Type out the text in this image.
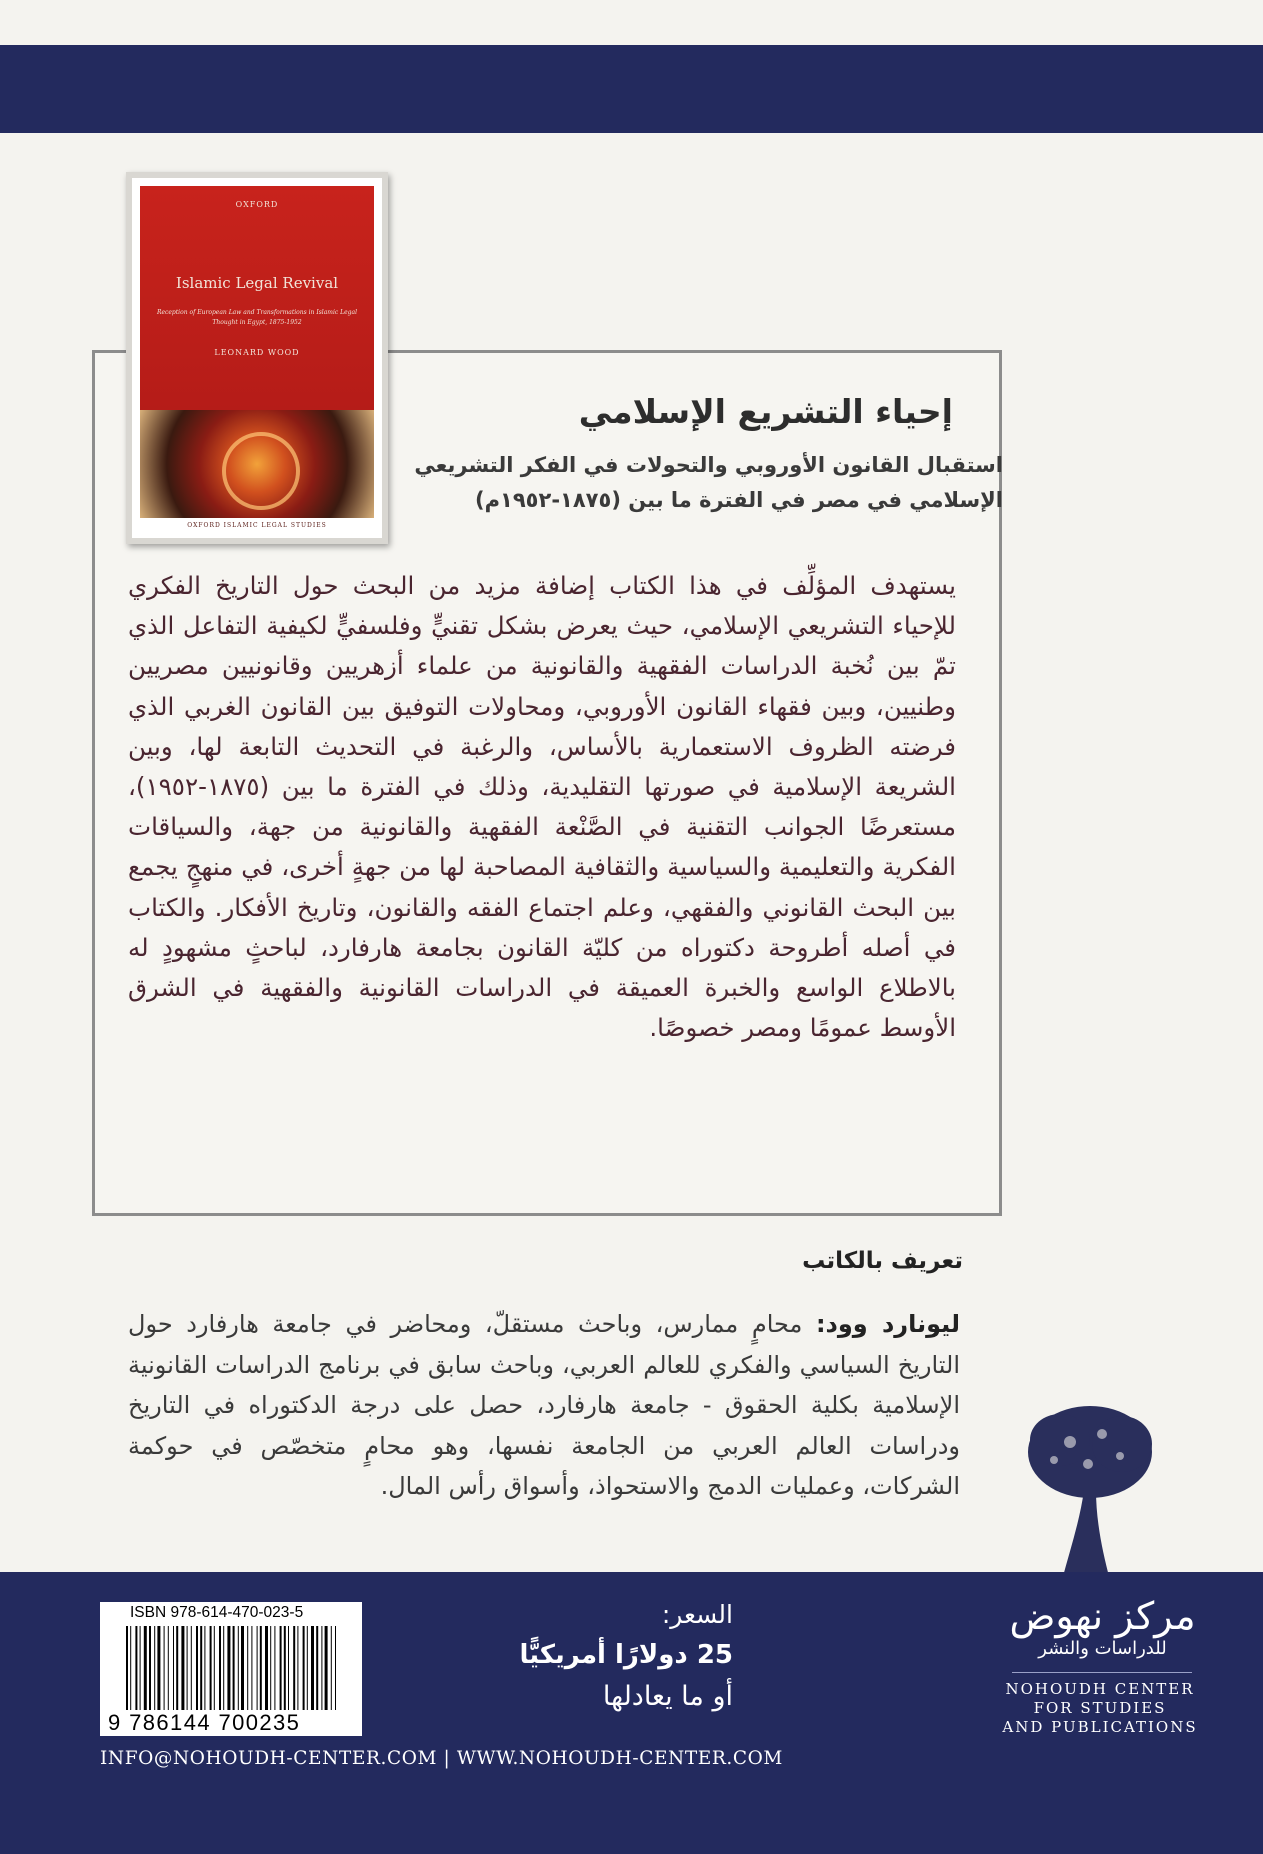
OXFORD
Islamic Legal Revival
Reception of European Law and Transformations in Islamic Legal Thought in Egypt, 1875-1952
LEONARD WOOD
OXFORD ISLAMIC LEGAL STUDIES
إحياء التشريع الإسلامي
استقبال القانون الأوروبي والتحولات في الفكر التشريعي
الإسلامي في مصر في الفترة ما بين (١٨٧٥-١٩٥٢م)
يستهدف المؤلِّف في هذا الكتاب إضافة مزيد من البحث حول التاريخ الفكري للإحياء التشريعي الإسلامي، حيث يعرض بشكل تقنيٍّ وفلسفيٍّ لكيفية التفاعل الذي تمّ بين نُخبة الدراسات الفقهية والقانونية من علماء أزهريين وقانونيين مصريين وطنيين، وبين فقهاء القانون الأوروبي، ومحاولات التوفيق بين القانون الغربي الذي فرضته الظروف الاستعمارية بالأساس، والرغبة في التحديث التابعة لها، وبين الشريعة الإسلامية في صورتها التقليدية، وذلك في الفترة ما بين (١٨٧٥-١٩٥٢)، مستعرضًا الجوانب التقنية في الصَّنْعة الفقهية والقانونية من جهة، والسياقات الفكرية والتعليمية والسياسية والثقافية المصاحبة لها من جهةٍ أخرى، في منهجٍ يجمع بين البحث القانوني والفقهي، وعلم اجتماع الفقه والقانون، وتاريخ الأفكار. والكتاب في أصله أطروحة دكتوراه من كليّة القانون بجامعة هارفارد، لباحثٍ مشهودٍ له بالاطلاع الواسع والخبرة العميقة في الدراسات القانونية والفقهية في الشرق الأوسط عمومًا ومصر خصوصًا.
تعريف بالكاتب
ليونارد وود: محامٍ ممارس، وباحث مستقلّ، ومحاضر في جامعة هارفارد حول التاريخ السياسي والفكري للعالم العربي، وباحث سابق في برنامج الدراسات القانونية الإسلامية بكلية الحقوق - جامعة هارفارد، حصل على درجة الدكتوراه في التاريخ ودراسات العالم العربي من الجامعة نفسها، وهو محامٍ متخصّص في حوكمة الشركات، وعمليات الدمج والاستحواذ، وأسواق رأس المال.
مركز نهوض
للدراسات والنشر
NOHOUDH CENTER
FOR STUDIES
AND PUBLICATIONS
السعر:
25 دولارًا أمريكيًّا
أو ما يعادلها
ISBN 978-614-470-023-5
9 786144 700235
INFO@NOHOUDH-CENTER.COM | WWW.NOHOUDH-CENTER.COM
